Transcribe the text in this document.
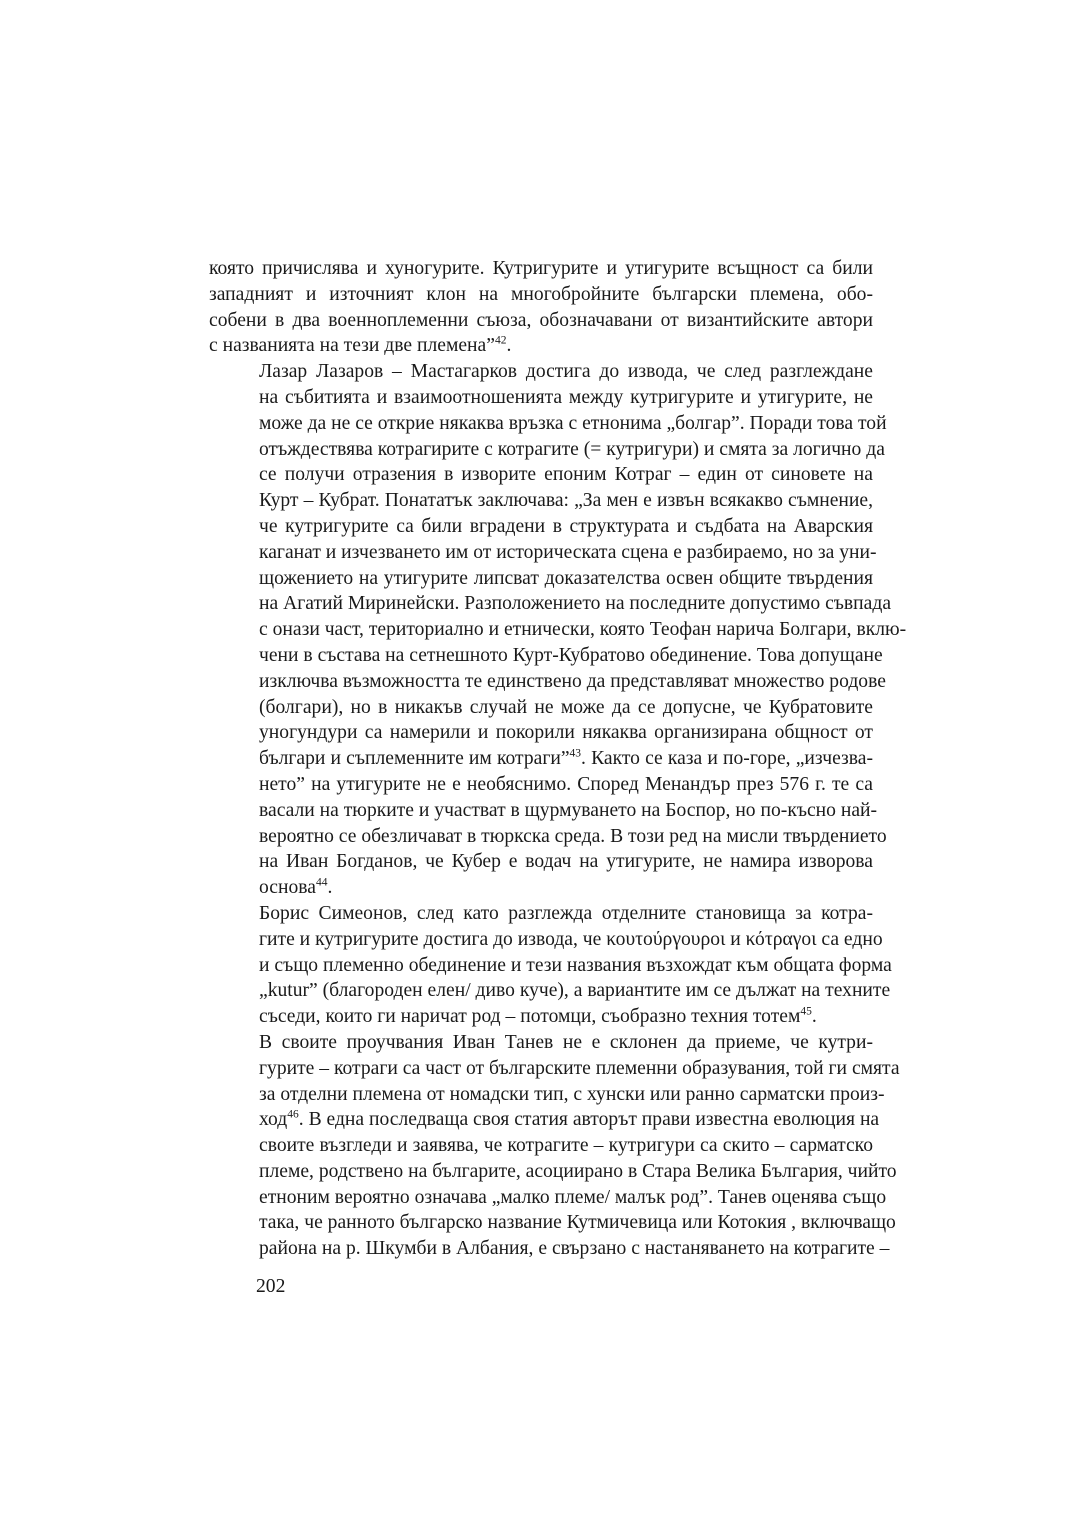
която причислява и хуногурите. Кутригурите и утигурите всъщност са били
западният и източният клон на многобройните български племена, обо-
собени в два военноплеменни съюза, обозначавани от византийските автори
с названията на тези две племена”$^{42}$.

Лазар Лазаров – Мастагарков достига до извода, че след разглеждане
на събитията и взаимоотношенията между кутригурите и утигурите, не
може да не се открие някаква връзка с етнонима „болгар”. Поради това той
отъждествява котрагирите с котрагите (= кутригури) и смята за логично да
се получи отразения в изворите епоним Котраг – един от синовете на
Курт – Кубрат. Понататък заключава: „За мен е извън всякакво съмнение,
че кутригурите са били вградени в структурата и съдбата на Аварския
каганат и изчезването им от историческата сцена е разбираемо, но за уни-
щожението на утигурите липсват доказателства освен общите твърдения
на Агатий Миринейски. Разположението на последните допустимо съвпада
с онази част, териториално и етнически, която Теофан нарича Болгари, вклю-
чени в състава на сетнешното Курт-Кубратово обединение. Това допущане
изключва възможността те единствено да представляват множество родове
(болгари), но в никакъв случай не може да се допусне, че Кубратовите
уногундури са намерили и покорили някаква организирана общност от
българи и съплеменните им котраги”$^{43}$. Както се каза и по-горе, „изчезва-
нето” на утигурите не е необяснимо. Според Менандър през 576 г. те са
васали на тюрките и участват в щурмуването на Боспор, но по-късно най-
вероятно се обезличават в тюркска среда. В този ред на мисли твърдението
на Иван Богданов, че Кубер е водач на утигурите, не намира изворова
основа$^{44}$.

Борис Симеонов, след като разглежда отделните становища за котра-
гите и кутригурите достига до извода, че κουτούργουροι и κότραγοι са едно
и също племенно обединение и тези названия възхождат към общата форма
„kutur” (благороден елен/ диво куче), а вариантите им се дължат на техните
съседи, които ги наричат род – потомци, съобразно техния тотем$^{45}$.

В своите проучвания Иван Танев не е склонен да приеме, че кутри-
гурите – котраги са част от българските племенни образувания, той ги смята
за отделни племена от номадски тип, с хунски или ранно сарматски произ-
ход$^{46}$. В една последваща своя статия авторът прави известна еволюция на
своите възгледи и заявява, че котрагите – кутригури са скито – сарматско
племе, родствено на българите, асоциирано в Стара Велика България, чийто
етноним вероятно означава „малко племе/ малък род”. Танев оценява също
така, че ранното българско название Кутмичевица или Котокия , включващо
района на р. Шкумби в Албания, е свързано с настаняването на котрагите –

202
